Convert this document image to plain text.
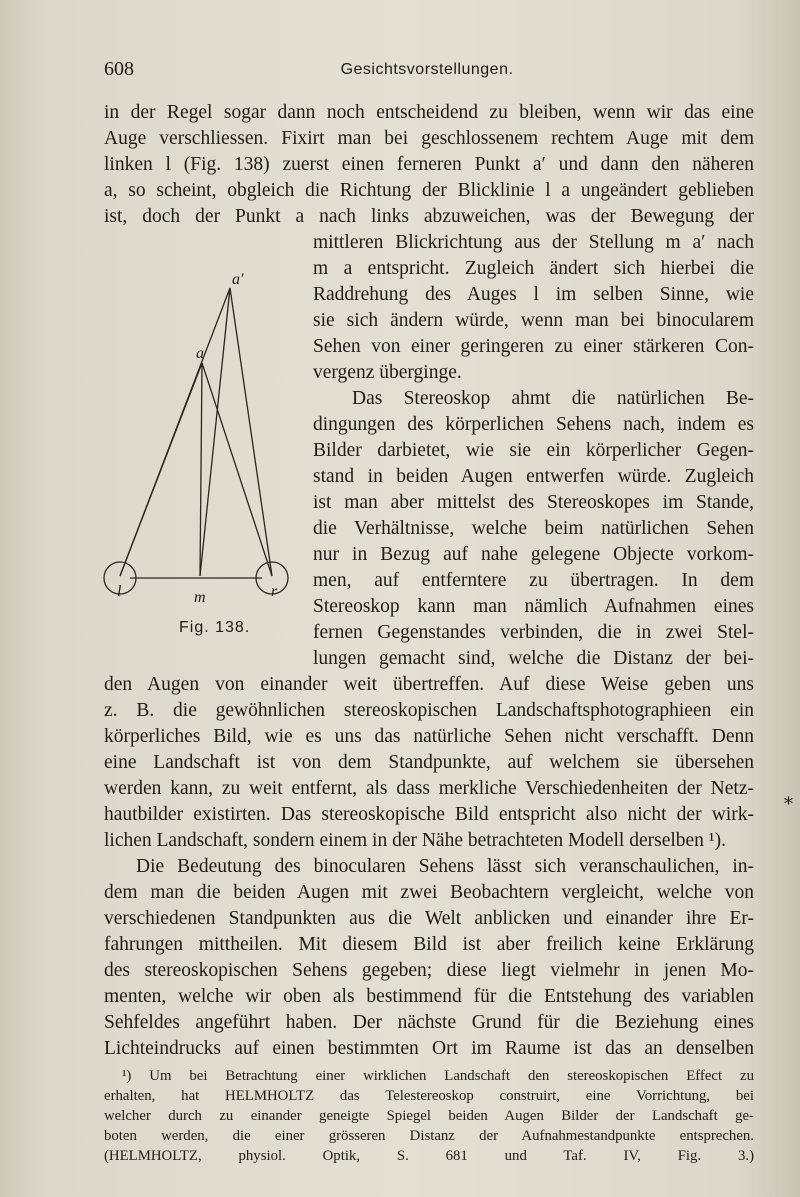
608	Gesichtsvorstellungen.

in der Regel sogar dann noch entscheidend zu bleiben, wenn wir das eine

Auge verschliessen. Fixirt man bei geschlossenem rechtem Auge mit dem

linken l (Fig. 138) zuerst einen ferneren Punkt a′ und dann den näheren

a, so scheint, obgleich die Richtung der Blicklinie l a ungeändert geblieben

ist, doch der Punkt a nach links abzuweichen, was der Bewegung der

mittleren Blickrichtung aus der Stellung m a′ nach

m a entspricht. Zugleich ändert sich hierbei die

Raddrehung des Auges l im selben Sinne, wie

sie sich ändern würde, wenn man bei binocularem

Sehen von einer geringeren zu einer stärkeren Con-

vergenz überginge.

Das Stereoskop ahmt die natürlichen Be-

dingungen des körperlichen Sehens nach, indem es

Bilder darbietet, wie sie ein körperlicher Gegen-

stand in beiden Augen entwerfen würde. Zugleich

ist man aber mittelst des Stereoskopes im Stande,

die Verhältnisse, welche beim natürlichen Sehen

nur in Bezug auf nahe gelegene Objecte vorkom-

men, auf entferntere zu übertragen. In dem

Stereoskop kann man nämlich Aufnahmen eines

fernen Gegenstandes verbinden, die in zwei Stel-

lungen gemacht sind, welche die Distanz der bei-

den Augen von einander weit übertreffen. Auf diese Weise geben uns

z. B. die gewöhnlichen stereoskopischen Landschaftsphotographieen ein

körperliches Bild, wie es uns das natürliche Sehen nicht verschafft. Denn

eine Landschaft ist von dem Standpunkte, auf welchem sie übersehen

werden kann, zu weit entfernt, als dass merkliche Verschiedenheiten der Netz-

hautbilder existirten. Das stereoskopische Bild entspricht also nicht der wirk-

lichen Landschaft, sondern einem in der Nähe betrachteten Modell derselben ¹).

Die Bedeutung des binocularen Sehens lässt sich veranschaulichen, in-

dem man die beiden Augen mit zwei Beobachtern vergleicht, welche von

verschiedenen Standpunkten aus die Welt anblicken und einander ihre Er-

fahrungen mittheilen. Mit diesem Bild ist aber freilich keine Erklärung

des stereoskopischen Sehens gegeben; diese liegt vielmehr in jenen Mo-

menten, welche wir oben als bestimmend für die Entstehung des variablen

Sehfeldes angeführt haben. Der nächste Grund für die Beziehung eines

Lichteindrucks auf einen bestimmten Ort im Raume ist das an denselben

¹) Um bei Betrachtung einer wirklichen Landschaft den stereoskopischen Effect zu

erhalten, hat HELMHOLTZ das Telestereoskop construirt, eine Vorrichtung, bei

welcher durch zu einander geneigte Spiegel beiden Augen Bilder der Landschaft ge-

boten werden, die einer grösseren Distanz der Aufnahmestandpunkte entsprechen.

(HELMHOLTZ, physiol. Optik, S. 681 und Taf. IV, Fig. 3.)

a′
a
l	r
m
Fig. 138.
*
